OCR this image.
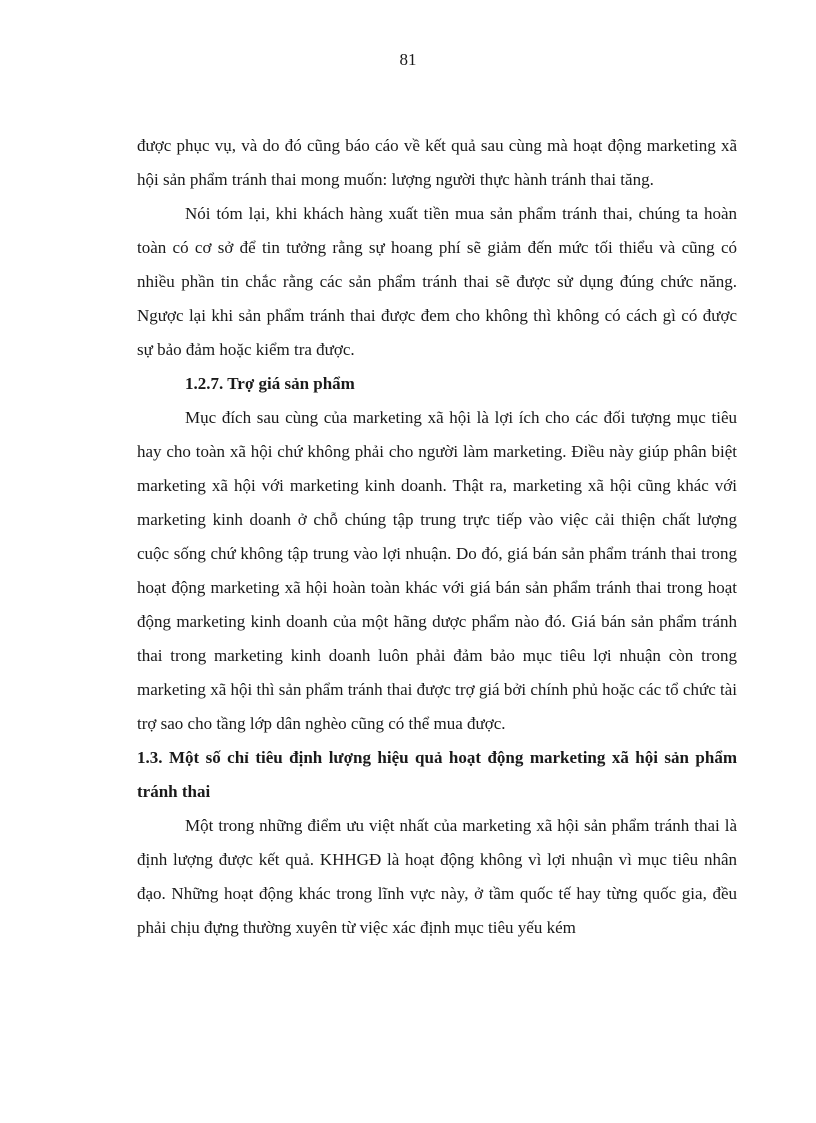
81

được phục vụ, và do đó cũng báo cáo về kết quả sau cùng mà hoạt động marketing xã hội sản phẩm tránh thai mong muốn: lượng người thực hành tránh thai tăng.

Nói tóm lại, khi khách hàng xuất tiền mua sản phẩm tránh thai, chúng ta hoàn toàn có cơ sở để tin tưởng rằng sự hoang phí sẽ giảm đến mức tối thiểu và cũng có nhiều phần tin chắc rằng các sản phẩm tránh thai sẽ được sử dụng đúng chức năng. Ngược lại khi sản phẩm tránh thai được đem cho không thì không có cách gì có được sự bảo đảm hoặc kiểm tra được.

1.2.7. Trợ giá sản phẩm

Mục đích sau cùng của marketing xã hội là lợi ích cho các đối tượng mục tiêu hay cho toàn xã hội chứ không phải cho người làm marketing. Điều này giúp phân biệt marketing xã hội với marketing kinh doanh. Thật ra, marketing xã hội cũng khác với marketing kinh doanh ở chỗ chúng tập trung trực tiếp vào việc cải thiện chất lượng cuộc sống chứ không tập trung vào lợi nhuận. Do đó, giá bán sản phẩm tránh thai trong hoạt động marketing xã hội hoàn toàn khác với giá bán sản phẩm tránh thai trong hoạt động marketing kinh doanh của một hãng dược phẩm nào đó. Giá bán sản phẩm tránh thai trong marketing kinh doanh luôn phải đảm bảo mục tiêu lợi nhuận còn trong marketing xã hội thì sản phẩm tránh thai được trợ giá bởi chính phủ hoặc các tổ chức tài trợ sao cho tầng lớp dân nghèo cũng có thể mua được.

1.3. Một số chỉ tiêu định lượng hiệu quả hoạt động marketing xã hội sản phẩm tránh thai

Một trong những điểm ưu việt nhất của marketing xã hội sản phẩm tránh thai là định lượng được kết quả. KHHGĐ là hoạt động không vì lợi nhuận vì mục tiêu nhân đạo. Những hoạt động khác trong lĩnh vực này, ở tầm quốc tế hay từng quốc gia, đều phải chịu đựng thường xuyên từ việc xác định mục tiêu yếu kém
